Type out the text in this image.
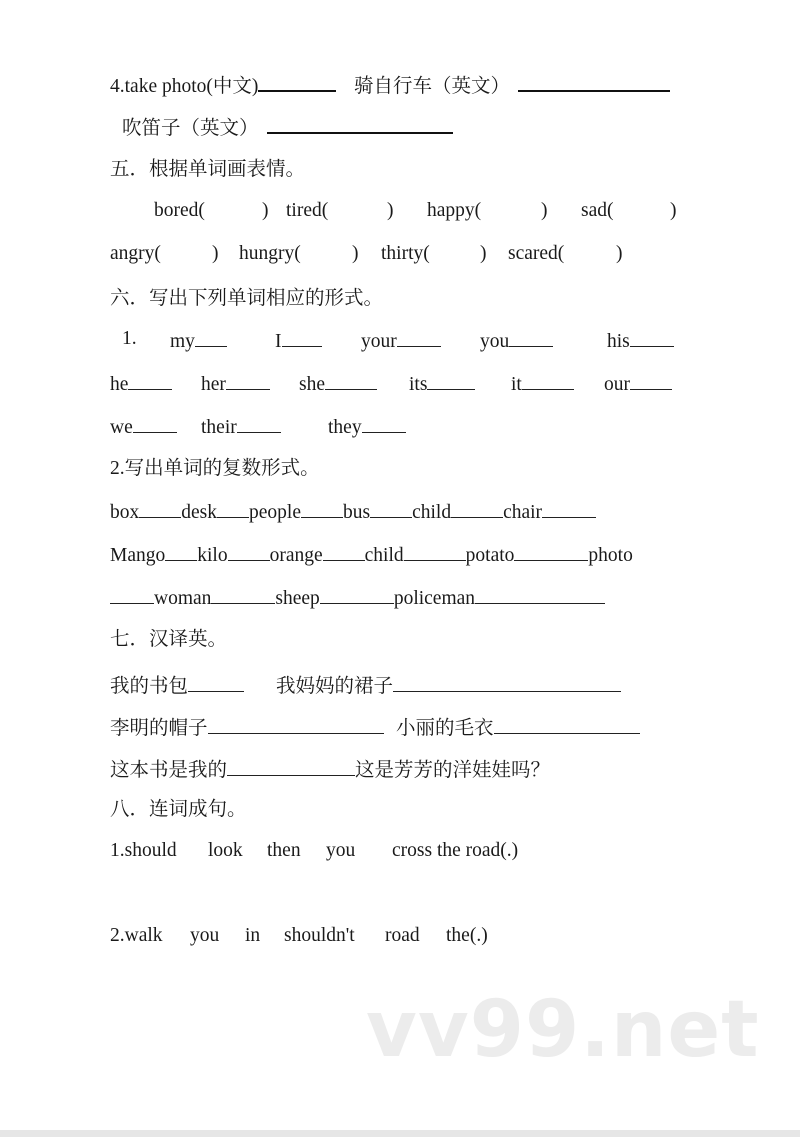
4.take photo(中文)	骑自行车（英文）
吹笛子（英文）
五．根据单词画表情。
bored(	) tired(	) happy(	) sad(	)
angry(	) hungry(	) thirty(	) scared(	)
六．写出下列单词相应的形式。
1. my	I	your	you	his
he	her	she	its	it	our
we	their	they
2.写出单词的复数形式。
box desk people bus child	chair
Mango kilo orange child	potato	photo
woman	sheep	policeman
七．汉译英。
我的书包	我妈妈的裙子
李明的帽子	小丽的毛衣
这本书是我的	这是芳芳的洋娃娃吗？
八．连词成句。
1.should look then you cross the road(.)
2.walk you in shouldn't road the(.)
vv99.net
